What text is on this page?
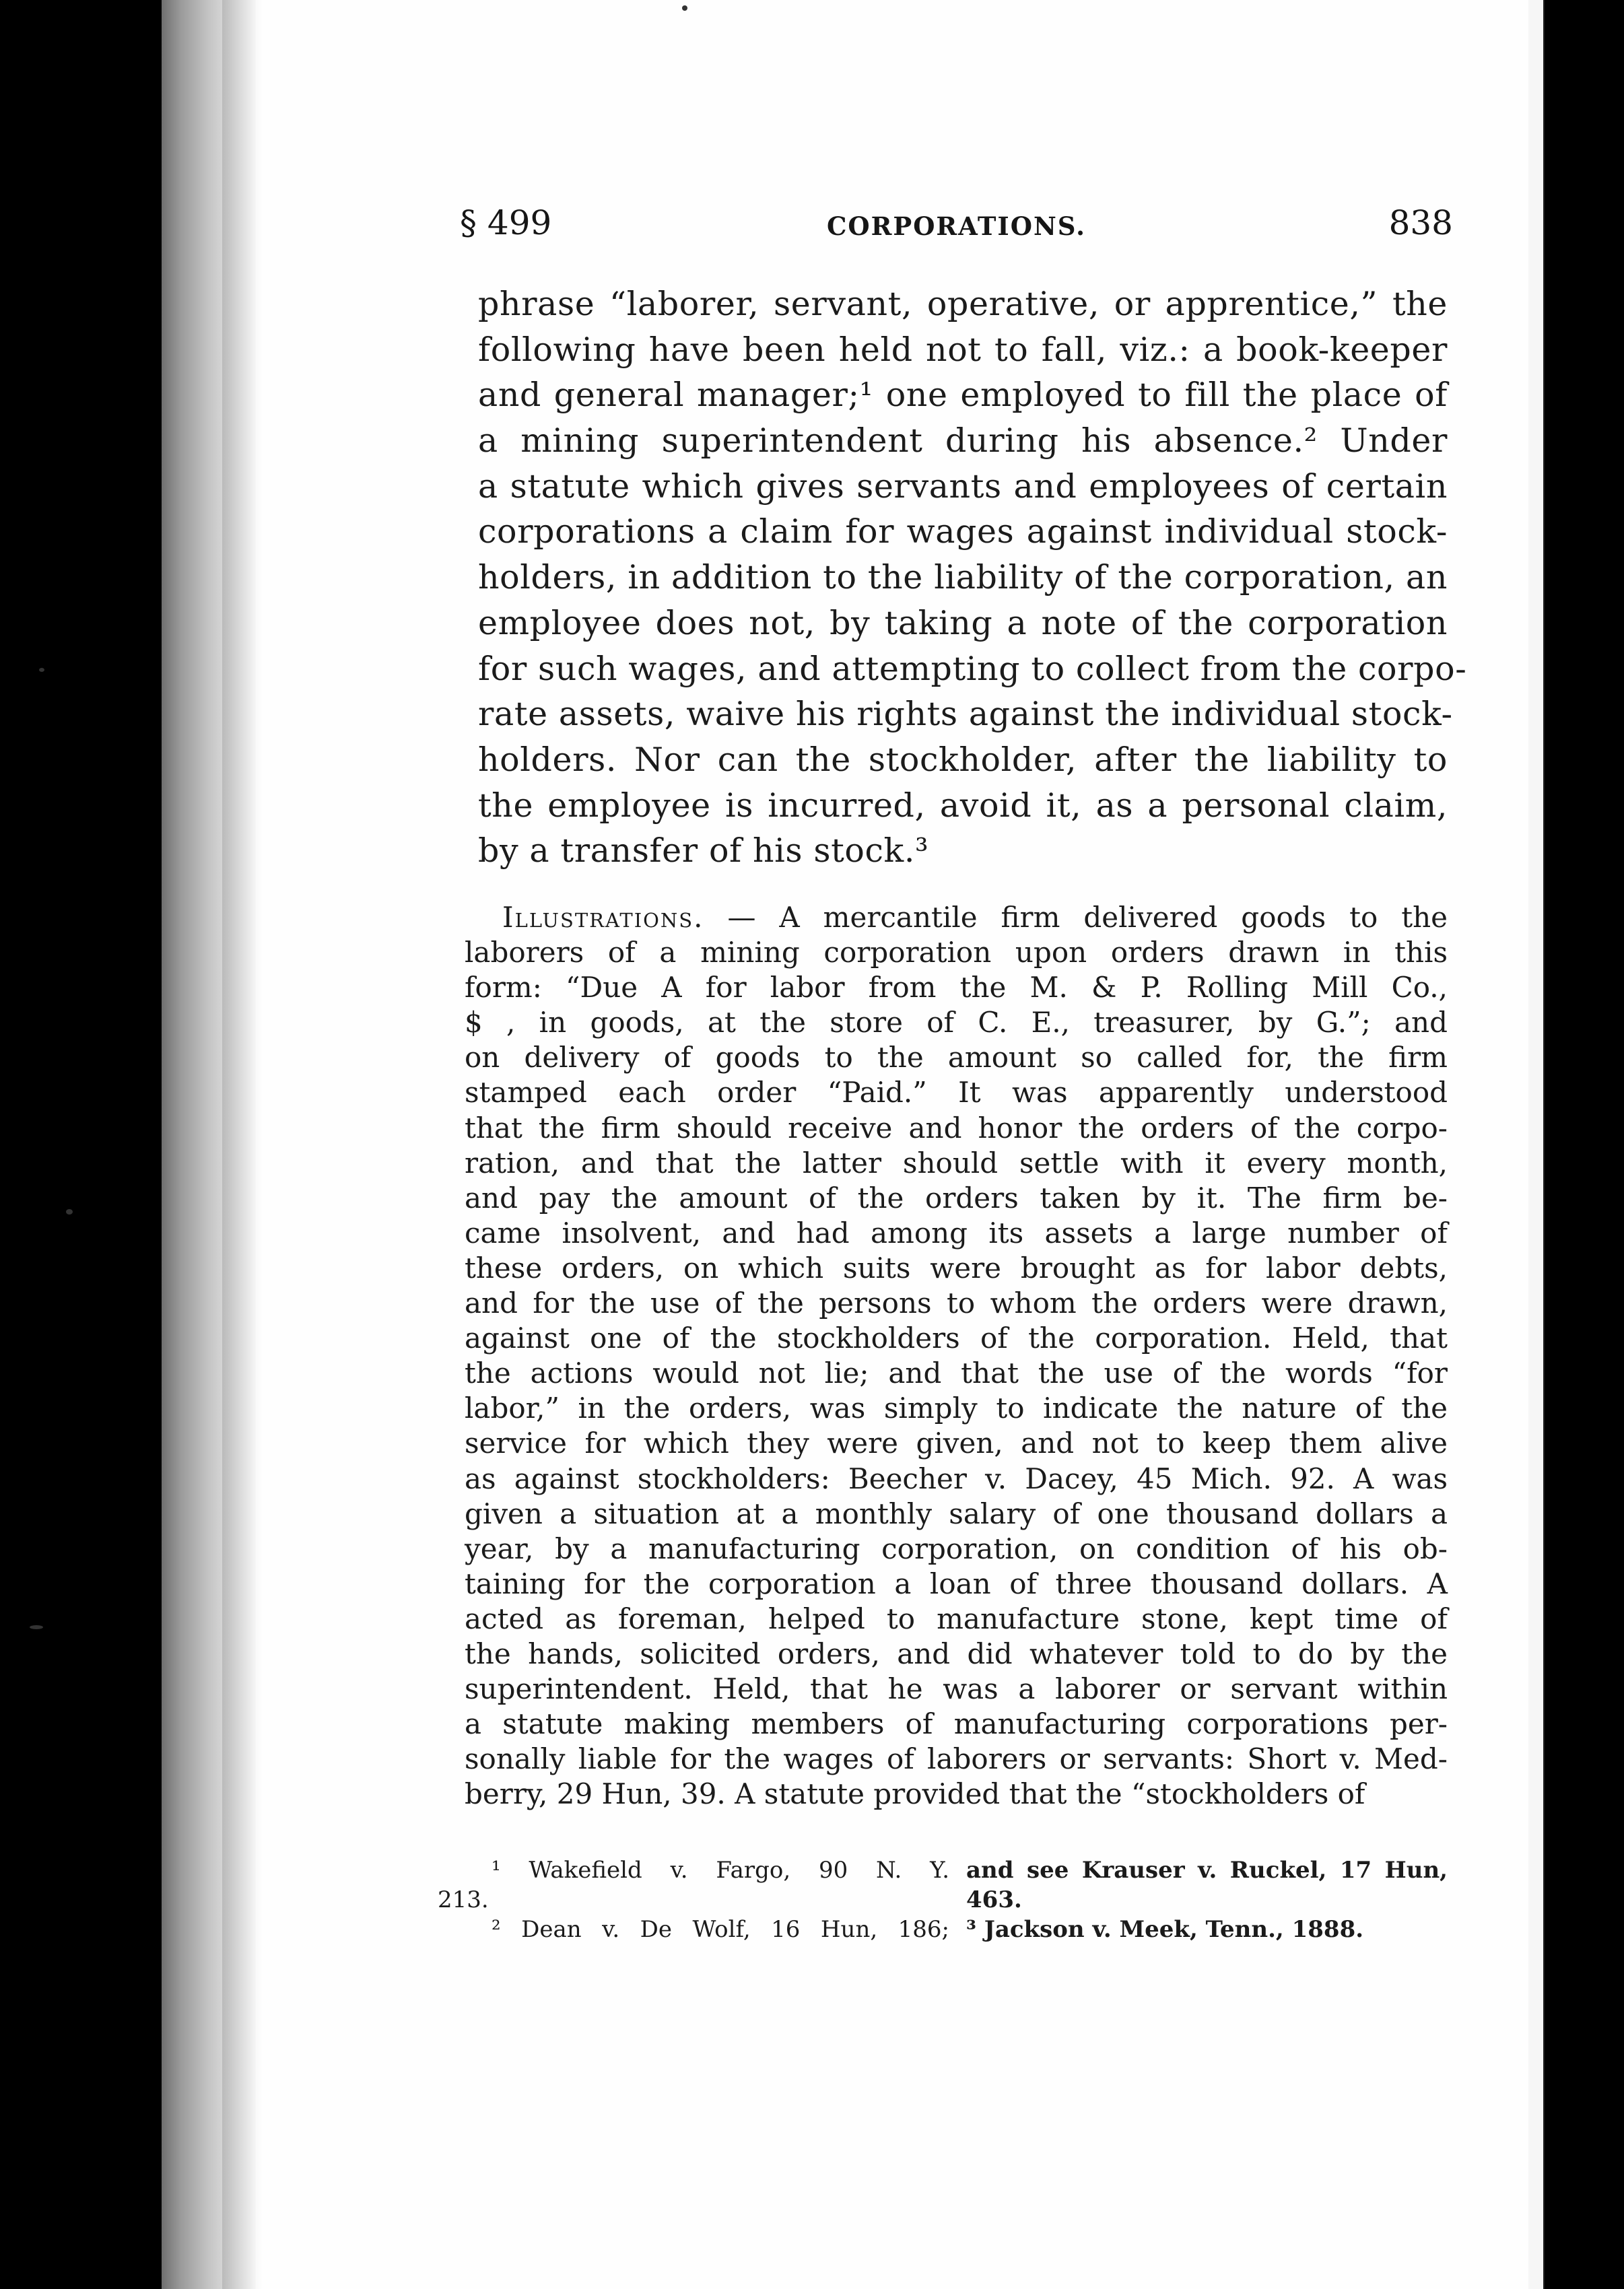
§ 499	CORPORATIONS.	838
phrase “laborer, servant, operative, or apprentice,” the
following have been held not to fall, viz.: a book-keeper
and general manager;¹ one employed to fill the place of
a mining superintendent during his absence.² Under
a statute which gives servants and employees of certain
corporations a claim for wages against individual stock-
holders, in addition to the liability of the corporation, an
employee does not, by taking a note of the corporation
for such wages, and attempting to collect from the corpo-
rate assets, waive his rights against the individual stock-
holders. Nor can the stockholder, after the liability to
the employee is incurred, avoid it, as a personal claim,
by a transfer of his stock.³
Illustrations. — A mercantile firm delivered goods to the
laborers of a mining corporation upon orders drawn in this
form: “Due A for labor from the M. & P. Rolling Mill Co.,
$ , in goods, at the store of C. E., treasurer, by G.”; and
on delivery of goods to the amount so called for, the firm
stamped each order “Paid.” It was apparently understood
that the firm should receive and honor the orders of the corpo-
ration, and that the latter should settle with it every month,
and pay the amount of the orders taken by it. The firm be-
came insolvent, and had among its assets a large number of
these orders, on which suits were brought as for labor debts,
and for the use of the persons to whom the orders were drawn,
against one of the stockholders of the corporation. Held, that
the actions would not lie; and that the use of the words “for
labor,” in the orders, was simply to indicate the nature of the
service for which they were given, and not to keep them alive
as against stockholders: Beecher v. Dacey, 45 Mich. 92. A was
given a situation at a monthly salary of one thousand dollars a
year, by a manufacturing corporation, on condition of his ob-
taining for the corporation a loan of three thousand dollars. A
acted as foreman, helped to manufacture stone, kept time of
the hands, solicited orders, and did whatever told to do by the
superintendent. Held, that he was a laborer or servant within
a statute making members of manufacturing corporations per-
sonally liable for the wages of laborers or servants: Short v. Med-
berry, 29 Hun, 39. A statute provided that the “stockholders of
¹ Wakefield v. Fargo, 90 N. Y. and see Krauser v. Ruckel, 17 Hun,
213.	463.
² Dean v. De Wolf, 16 Hun, 186; ³ Jackson v. Meek, Tenn., 1888.
